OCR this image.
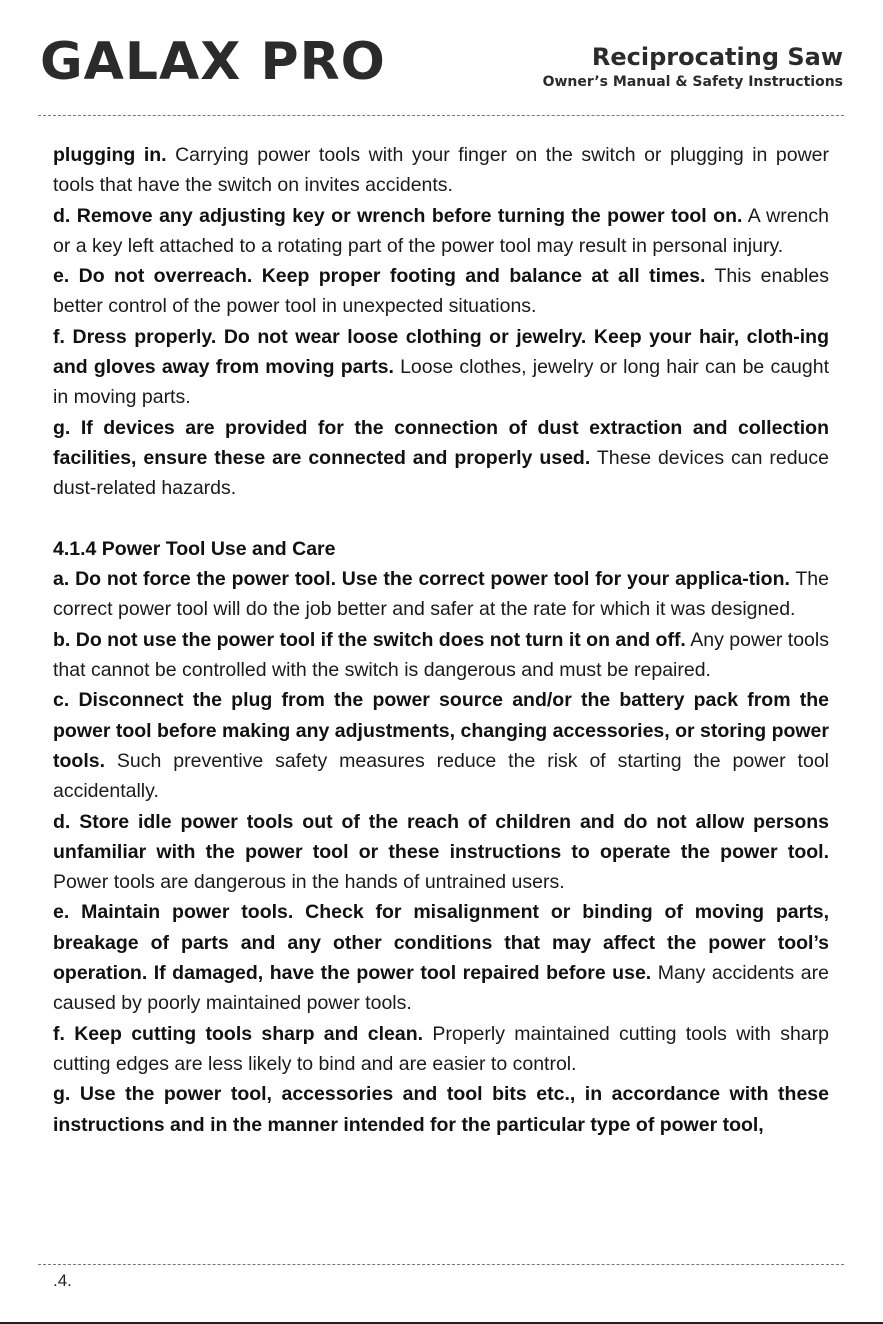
GALAX PRO	Reciprocating Saw
Owner’s Manual & Safety Instructions

plugging in. Carrying power tools with your finger on the switch or plugging in power tools that have the switch on invites accidents.

d. Remove any adjusting key or wrench before turning the power tool on. A wrench or a key left attached to a rotating part of the power tool may result in personal injury.

e. Do not overreach. Keep proper footing and balance at all times. This enables better control of the power tool in unexpected situations.

f. Dress properly. Do not wear loose clothing or jewelry. Keep your hair, cloth-ing and gloves away from moving parts. Loose clothes, jewelry or long hair can be caught in moving parts.

g. If devices are provided for the connection of dust extraction and collection facilities, ensure these are connected and properly used. These devices can reduce dust-related hazards.

4.1.4 Power Tool Use and Care

a. Do not force the power tool. Use the correct power tool for your applica-tion. The correct power tool will do the job better and safer at the rate for which it was designed.

b. Do not use the power tool if the switch does not turn it on and off. Any power tools that cannot be controlled with the switch is dangerous and must be repaired.

c. Disconnect the plug from the power source and/or the battery pack from the power tool before making any adjustments, changing accessories, or storing power tools. Such preventive safety measures reduce the risk of starting the power tool accidentally.

d. Store idle power tools out of the reach of children and do not allow persons unfamiliar with the power tool or these instructions to operate the power tool. Power tools are dangerous in the hands of untrained users.

e. Maintain power tools. Check for misalignment or binding of moving parts, breakage of parts and any other conditions that may affect the power tool’s operation. If damaged, have the power tool repaired before use. Many accidents are caused by poorly maintained power tools.

f. Keep cutting tools sharp and clean. Properly maintained cutting tools with sharp cutting edges are less likely to bind and are easier to control.

g. Use the power tool, accessories and tool bits etc., in accordance with these instructions and in the manner intended for the particular type of power tool,

.4.
